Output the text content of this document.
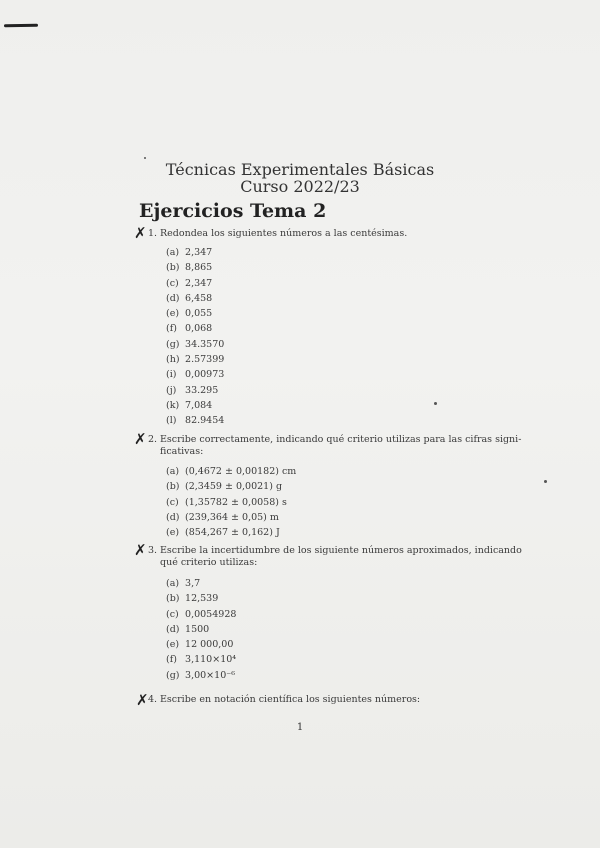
Técnicas Experimentales Básicas
Curso 2022/23
Ejercicios Tema 2
✗ 1. Redondea los siguientes números a las centésimas.
(a) 2,347
(b) 8,865
(c) 2,347
(d) 6,458
(e) 0,055
(f) 0,068
(g) 34.3570
(h) 2.57399
(i) 0,00973
(j) 33.295
(k) 7,084
(l) 82.9454
✗ 2. Escribe correctamente, indicando qué criterio utilizas para las cifras signi-
ficativas:
(a) (0,4672 ± 0,00182) cm
(b) (2,3459 ± 0,0021) g
(c) (1,35782 ± 0,0058) s
(d) (239,364 ± 0,05) m
(e) (854,267 ± 0,162) J
✗ 3. Escribe la incertidumbre de los siguiente números aproximados, indicando
qué criterio utilizas:
(a) 3,7
(b) 12,539
(c) 0,0054928
(d) 1500
(e) 12 000,00
(f) 3,110×10⁴
(g) 3,00×10⁻⁶
✗ 4. Escribe en notación científica los siguientes números:
1
